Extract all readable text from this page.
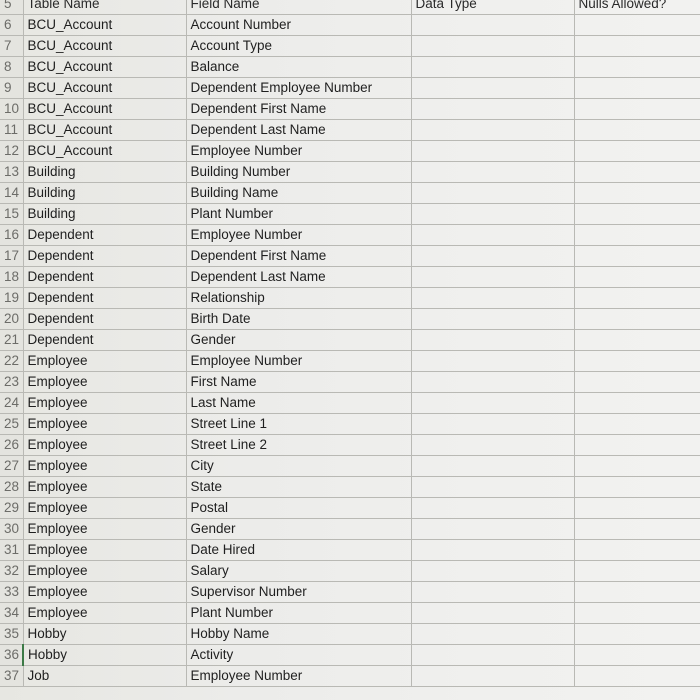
5	Table Name	Field Name	Data Type	Nulls Allowed?
6	BCU_Account	Account Number		
7	BCU_Account	Account Type		
8	BCU_Account	Balance		
9	BCU_Account	Dependent Employee Number		
10	BCU_Account	Dependent First Name		
11	BCU_Account	Dependent Last Name		
12	BCU_Account	Employee Number		
13	Building	Building Number		
14	Building	Building Name		
15	Building	Plant Number		
16	Dependent	Employee Number		
17	Dependent	Dependent First Name		
18	Dependent	Dependent Last Name		
19	Dependent	Relationship		
20	Dependent	Birth Date		
21	Dependent	Gender		
22	Employee	Employee Number		
23	Employee	First Name		
24	Employee	Last Name		
25	Employee	Street Line 1		
26	Employee	Street Line 2		
27	Employee	City		
28	Employee	State		
29	Employee	Postal		
30	Employee	Gender		
31	Employee	Date Hired		
32	Employee	Salary		
33	Employee	Supervisor Number		
34	Employee	Plant Number		
35	Hobby	Hobby Name		
36	Hobby	Activity		
37	Job	Employee Number		
